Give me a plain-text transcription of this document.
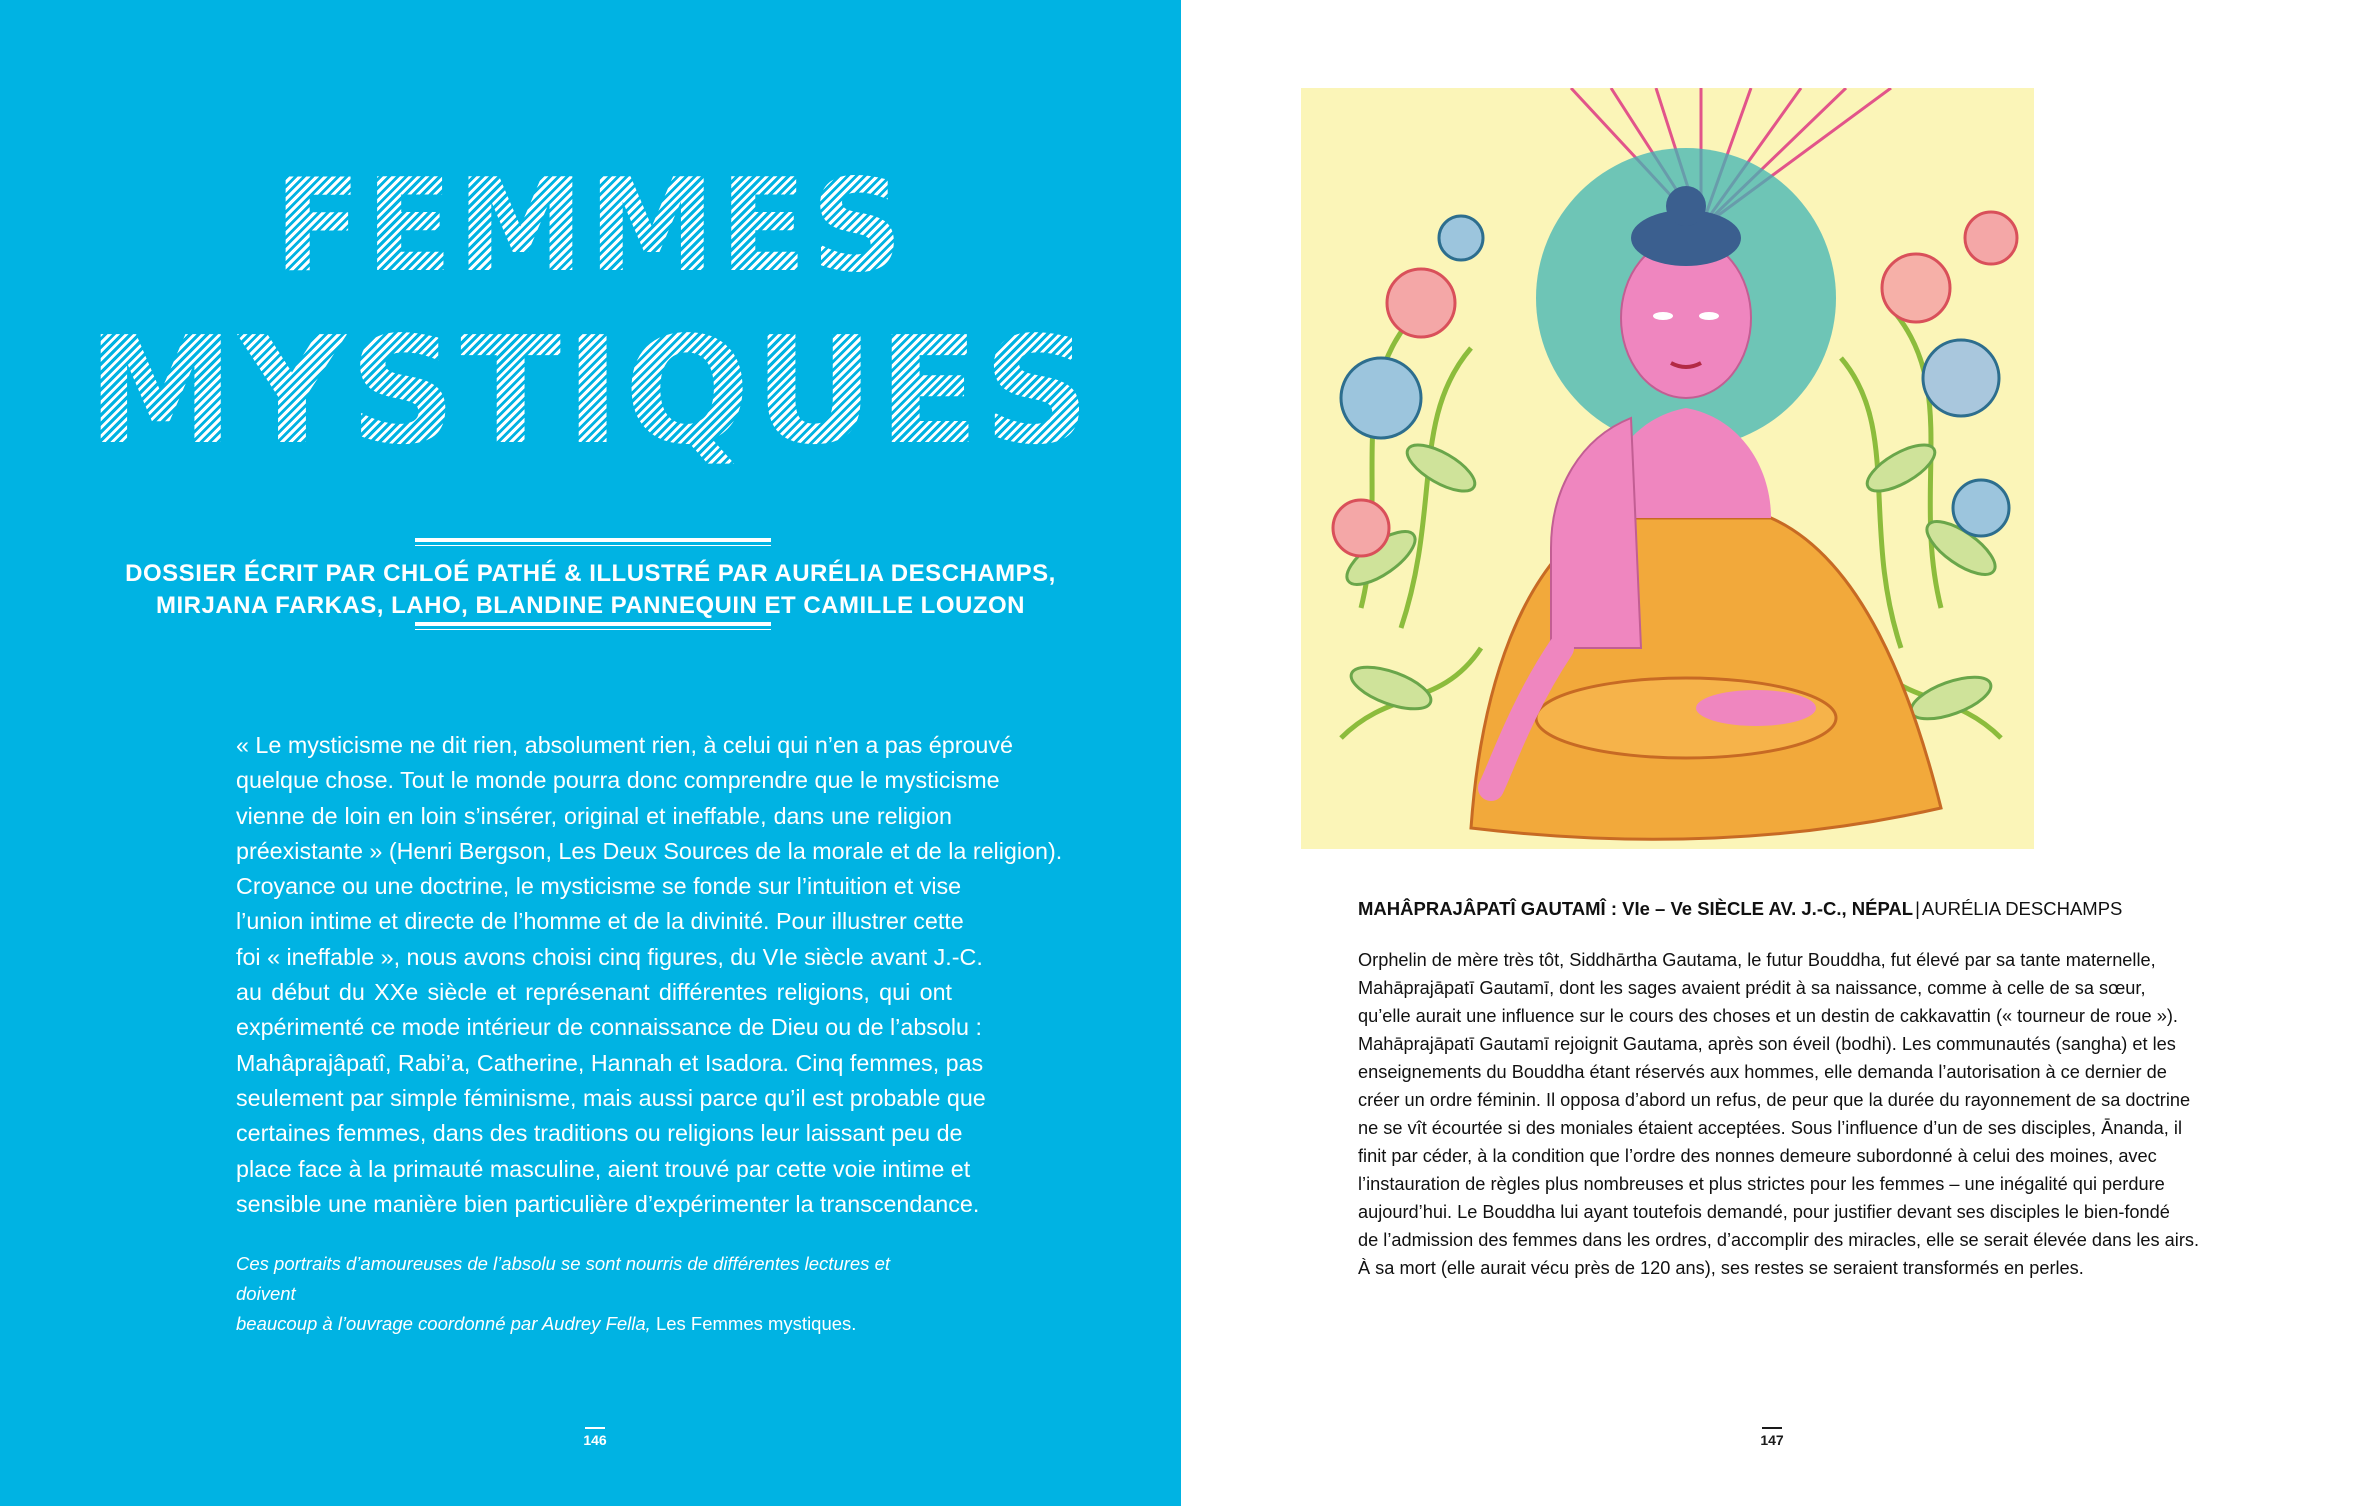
FEMMES
MYSTIQUES
DOSSIER ÉCRIT PAR CHLOÉ PATHÉ & ILLUSTRÉ PAR AURÉLIA DESCHAMPS,
MIRJANA FARKAS, LAHO, BLANDINE PANNEQUIN ET CAMILLE LOUZON
« Le mysticisme ne dit rien, absolument rien, à celui qui n’en a pas éprouvé
quelque chose. Tout le monde pourra donc comprendre que le mysticisme
vienne de loin en loin s’insérer, original et ineffable, dans une religion
préexistante » (Henri Bergson, Les Deux Sources de la morale et de la religion).
Croyance ou une doctrine, le mysticisme se fonde sur l’intuition et vise
l’union intime et directe de l’homme et de la divinité. Pour illustrer cette
foi « ineffable », nous avons choisi cinq figures, du VIe siècle avant J.-C.
au début du XXe siècle et représenant différentes religions, qui ont
expérimenté ce mode intérieur de connaissance de Dieu ou de l’absolu :
Mahâprajâpatî, Rabi’a, Catherine, Hannah et Isadora. Cinq femmes, pas
seulement par simple féminisme, mais aussi parce qu’il est probable que
certaines femmes, dans des traditions ou religions leur laissant peu de
place face à la primauté masculine, aient trouvé par cette voie intime et
sensible une manière bien particulière d’expérimenter la transcendance.
Ces portraits d’amoureuses de l’absolu se sont nourris de différentes lectures et doivent
beaucoup à l’ouvrage coordonné par Audrey Fella, Les Femmes mystiques.
146
MAHÂPRAJÂPATÎ GAUTAMÎ : VIe – Ve SIÈCLE AV. J.-C., NÉPAL | AURÉLIA DESCHAMPS
Orphelin de mère très tôt, Siddhārtha Gautama, le futur Bouddha, fut élevé par sa tante maternelle,
Mahāprajāpatī Gautamī, dont les sages avaient prédit à sa naissance, comme à celle de sa sœur,
qu’elle aurait une influence sur le cours des choses et un destin de cakkavattin (« tourneur de roue »).
Mahāprajāpatī Gautamī rejoignit Gautama, après son éveil (bodhi). Les communautés (sangha) et les
enseignements du Bouddha étant réservés aux hommes, elle demanda l’autorisation à ce dernier de
créer un ordre féminin. Il opposa d’abord un refus, de peur que la durée du rayonnement de sa doctrine
ne se vît écourtée si des moniales étaient acceptées. Sous l’influence d’un de ses disciples, Ānanda, il
finit par céder, à la condition que l’ordre des nonnes demeure subordonné à celui des moines, avec
l’instauration de règles plus nombreuses et plus strictes pour les femmes – une inégalité qui perdure
aujourd’hui. Le Bouddha lui ayant toutefois demandé, pour justifier devant ses disciples le bien-fondé
de l’admission des femmes dans les ordres, d’accomplir des miracles, elle se serait élevée dans les airs.
À sa mort (elle aurait vécu près de 120 ans), ses restes se seraient transformés en perles.
147
